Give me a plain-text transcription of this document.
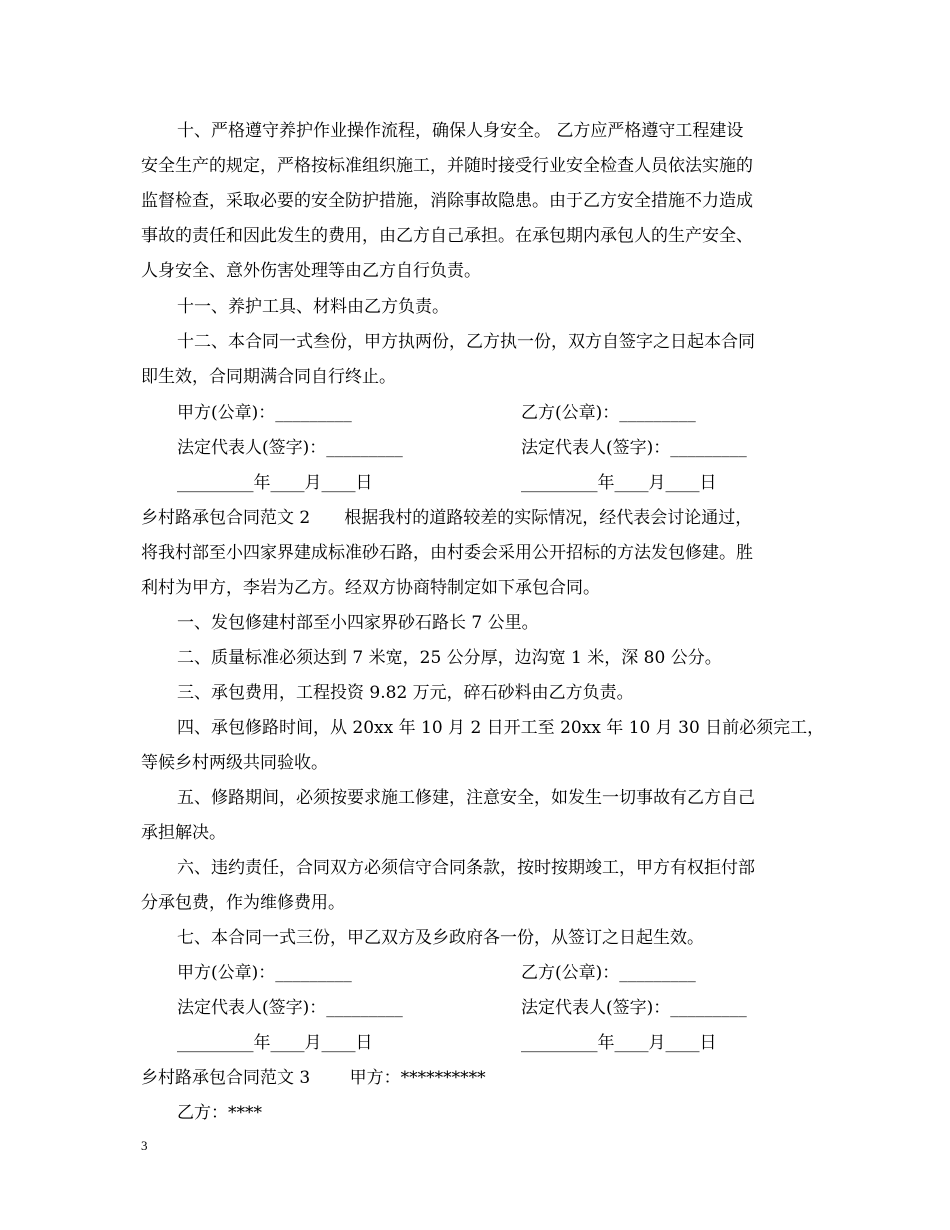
十、严格遵守养护作业操作流程，确保人身安全。 乙方应严格遵守工程建设
安全生产的规定，严格按标准组织施工，并随时接受行业安全检查人员依法实施的
监督检查，采取必要的安全防护措施，消除事故隐患。由于乙方安全措施不力造成
事故的责任和因此发生的费用，由乙方自己承担。在承包期内承包人的生产安全、
人身安全、意外伤害处理等由乙方自行负责。
十一、养护工具、材料由乙方负责。
十二、本合同一式叁份，甲方执两份，乙方执一份，双方自签字之日起本合同
即生效，合同期满合同自行终止。
甲方(公章)：_________	乙方(公章)：_________
法定代表人(签字)：_________	法定代表人(签字)：_________
_________年____月____日	_________年____月____日
乡村路承包合同范文 2　　根据我村的道路较差的实际情况，经代表会讨论通过，
将我村部至小四家界建成标准砂石路，由村委会采用公开招标的方法发包修建。胜
利村为甲方，李岩为乙方。经双方协商特制定如下承包合同。
一、发包修建村部至小四家界砂石路长 7 公里。
二、质量标准必须达到 7 米宽，25 公分厚，边沟宽 1 米，深 80 公分。
三、承包费用，工程投资 9.82 万元，碎石砂料由乙方负责。
四、承包修路时间，从 20xx 年 10 月 2 日开工至 20xx 年 10 月 30 日前必须完工，
等候乡村两级共同验收。
五、修路期间，必须按要求施工修建，注意安全，如发生一切事故有乙方自己
承担解决。
六、违约责任，合同双方必须信守合同条款，按时按期竣工，甲方有权拒付部
分承包费，作为维修费用。
七、本合同一式三份，甲乙双方及乡政府各一份，从签订之日起生效。
甲方(公章)：_________	乙方(公章)：_________
法定代表人(签字)：_________	法定代表人(签字)：_________
_________年____月____日	_________年____月____日
乡村路承包合同范文 3　　 甲方：**********
乙方：****
3
